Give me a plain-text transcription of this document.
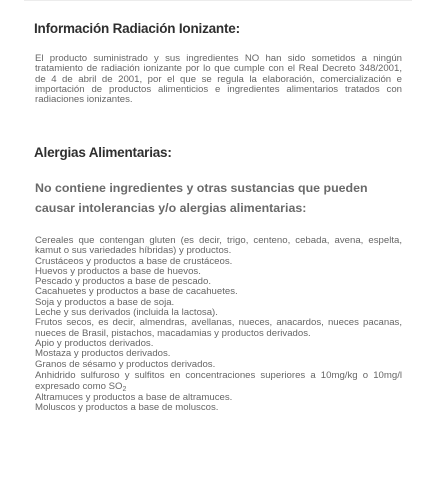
Información Radiación Ionizante:

El producto suministrado y sus ingredientes NO han sido sometidos a ningún tratamiento de radiación ionizante por lo que cumple con el Real Decreto 348/2001, de 4 de abril de 2001, por el que se regula la elaboración, comercialización e importación de productos alimenticios e ingredientes alimentarios tratados con radiaciones ionizantes.

Alergias Alimentarias:

No contiene ingredientes y otras sustancias que pueden causar intolerancias y/o alergias alimentarias:

Cereales que contengan gluten (es decir, trigo, centeno, cebada, avena, espelta, kamut o sus variedades híbridas) y productos.
Crustáceos y productos a base de crustáceos.
Huevos y productos a base de huevos.
Pescado y productos a base de pescado.
Cacahuetes y productos a base de cacahuetes.
Soja y productos a base de soja.
Leche y sus derivados (incluida la lactosa).
Frutos secos, es decir, almendras, avellanas, nueces, anacardos, nueces pacanas, nueces de Brasil, pistachos, macadamias y productos derivados.
Apio y productos derivados.
Mostaza y productos derivados.
Granos de sésamo y productos derivados.
Anhidrido sulfuroso y sulfitos en concentraciones superiores a 10mg/kg o 10mg/l expresado como $SO_2$
Altramuces y productos a base de altramuces.
Moluscos y productos a base de moluscos.
